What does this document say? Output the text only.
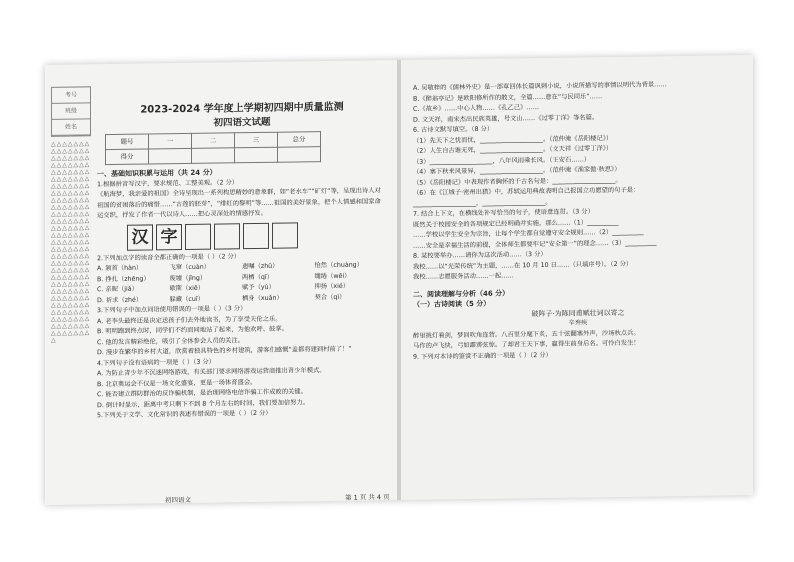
考号
班级
姓名
△△△△△△△△△△△△△△△△△△△△△△△△△△△△△△△△△△△△△△△△△△△△△△△△△△△△△△△△△△△△△△△△△△△△△△△△△△△△△△△△△△△△△△△△△△△△△△△△△△△△△△△△△△△△△△△△△△△△△△△△△△△△△△△△△△△△△△△△△△△△△△△△△△△△△△△△△△△△△△△△△△△△△△△△△△△△△△△△△△△△△△△△△△△△△△△△△△△△△
2023-2024 学年度上学期初四期中质量监测
初四语文试题
题号	一	二	三	总分
得分				
一、基础知识积累与运用（共 24 分）
1.根据拼音写汉字，要求规范、工整美观。（2 分）
《航海梦，我亲爱的祖国》全诗呈现出一系列构思精妙的意象群，如“老水车”“矿灯”等，呈现出诗人对祖国的贫困落后的痛惜……“古莲的胚芽”，“绯红的黎明”等……祖国的美好景象，把个人情感和国家命运交织，抒发了作者一代以诗人……把心灵深处的情感抒发。
汉 字
2.下列加点字的读音全都正确的一项是（ ）（2 分）
A. 颔首（hàn）	飞窜（cuàn）	遗嘱（zhǔ）	怆然（chuàng）
B. 挣扎（zhēng）	废墟（jīng）	两栖（qī）	缱绻（wēi）
C. 亲昵（jiǎ）	歇斯（xiē）	赋予（yù）	抑扬（xié）
D. 祈求（zhé）	躲藏（cuī）	栖身（xuǎn）	契合（qì）
3.下列句子中加点词语使用错误的一项是（ ）（3 分）
A. 老李头最终还是决定送孩子们去外地读书，为了享受天伦之乐。
B. 明明跑到终点时，同学们不约而同地站了起来，为他欢呼、鼓掌。
C. 他的发言精彩绝伦，吸引了全体参会人员的关注。
D. 漫步在繁华的乡村大道，欣赏着独具特色的乡村建筑，游客们感慨“盖都将建到村前了！”
4.下列句子没有语病的一项是（ ）（3 分）
A. 为防止青少年不沉迷网络游戏，有关部门要求网络游戏运营商推出青少年模式。
B. 北京奥运会不仅是一场文化盛宴，更是一场体育盛会。
C. 能否建立群防群治的反诈骗机制，是治理网络电信诈骗工作成败的关键。
D. 倒计时显示，距离中考只剩下不到 8 个月左右的时间，我们要加倍努力。
5.下列关于文学、文化常识的表述有错误的一项是（ ）（2 分）
初四语文	第 1 页 共 4 页
A. 吴敬梓的《儒林外史》是一部章回体长篇讽刺小说，小说所描写的事情以明代为背景……
B.《醉翁亭记》是欧阳修所作的散文，全篇……意在“与民同乐”……
C.《故乡》……中心人物……《孔乙己》……
D. 文天祥，南宋杰出民族英雄，号文山……《过零丁洋》等名篇。
6. 古诗文默写填空。（8 分）
（1）先天下之忧而忧，____________________。（范仲淹《岳阳楼记》）
（2）人生自古谁无死，____________________。（文天祥《过零丁洋》）
（3）____________________，八年风雨乘长风。（王安石……）
（4）塞下秋来风景异，____________________。（范仲淹《渔家傲·秋思》）
（5）《岳阳楼记》中表现作者胸怀的千古名句是：____________________。
（6）在《江城子·密州出猎》中，苏轼运用典故表明自己报国立功愿望的句子是：
____________________，____________________。
7. 结合上下文，在横线处补写恰当的句子，使语意连贯。（3 分）
既然关于校园安全的各项规定已经明确并实施，那么……（1）__________
……学校以学生安全为宗旨，让每个学生都自觉遵守安全规则……（2）__________
……安全是幸福生活的前提，全体师生都要牢记“安全第一”的理念……（3）__________
8. 某校要举办……请你为这次活动……（3 分）
我校……以“光荣传统”为主题，……在 10 月 10 日……（只填序号）。（2 分）
我校……志愿服务活动……一起……
二、阅读理解与分析（46 分）
（一）古诗阅读（5 分）
破阵子·为陈同甫赋壮词以寄之
辛弃疾
醉里挑灯看剑，梦回吹角连营。八百里分麾下炙，五十弦翻塞外声，沙场秋点兵。
马作的卢飞快，弓如霹雳弦惊。了却君王天下事，赢得生前身后名。可怜白发生！
9. 下列对本诗的鉴赏不正确的一项是（ ）（2 分）
